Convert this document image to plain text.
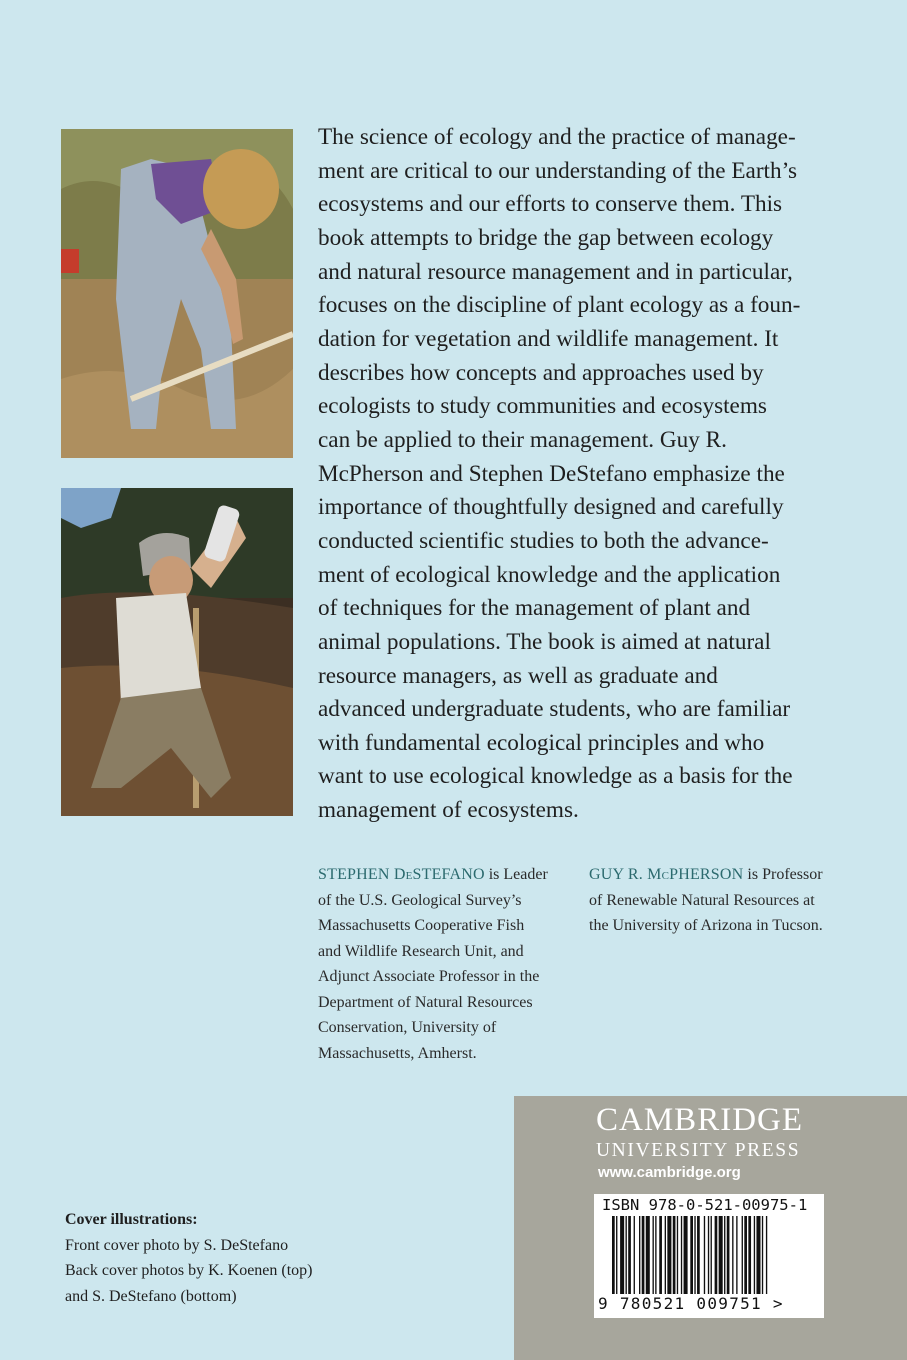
The science of ecology and the practice of manage-
ment are critical to our understanding of the Earth’s
ecosystems and our efforts to conserve them. This
book attempts to bridge the gap between ecology
and natural resource management and in particular,
focuses on the discipline of plant ecology as a foun-
dation for vegetation and wildlife management. It
describes how concepts and approaches used by
ecologists to study communities and ecosystems
can be applied to their management. Guy R.
McPherson and Stephen DeStefano emphasize the
importance of thoughtfully designed and carefully
conducted scientific studies to both the advance-
ment of ecological knowledge and the application
of techniques for the management of plant and
animal populations. The book is aimed at natural
resource managers, as well as graduate and
advanced undergraduate students, who are familiar
with fundamental ecological principles and who
want to use ecological knowledge as a basis for the
management of ecosystems.
STEPHEN DeSTEFANO is Leader
of the U.S. Geological Survey’s
Massachusetts Cooperative Fish
and Wildlife Research Unit, and
Adjunct Associate Professor in the
Department of Natural Resources
Conservation, University of
Massachusetts, Amherst.
GUY R. McPHERSON is Professor
of Renewable Natural Resources at
the University of Arizona in Tucson.
Cover illustrations:
Front cover photo by S. DeStefano
Back cover photos by K. Koenen (top)
and S. DeStefano (bottom)
CAMBRIDGE
UNIVERSITY PRESS
www.cambridge.org
ISBN 978-0-521-00975-1
9 780521 009751 >
